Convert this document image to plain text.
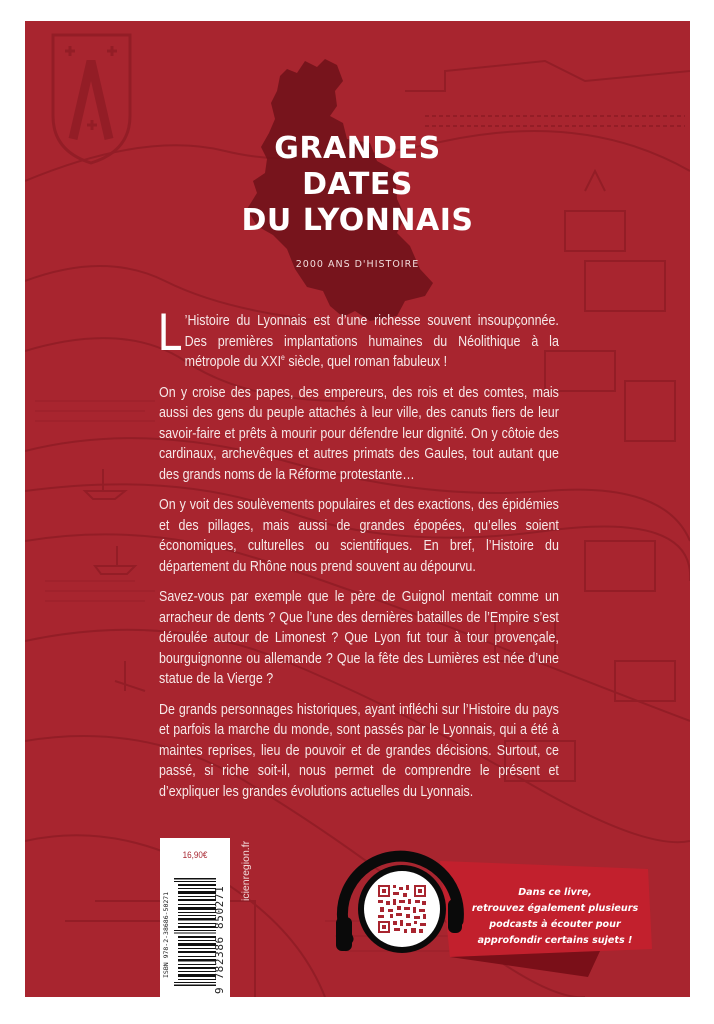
GRANDES
DATES
DU LYONNAIS
2000 ANS D'HISTOIRE

L ’Histoire du Lyonnais est d’une richesse souvent insoupçonnée. Des premières implantations humaines du Néolithique à la métropole du XXIe siècle, quel roman fabuleux !

On y croise des papes, des empereurs, des rois et des comtes, mais aussi des gens du peuple attachés à leur ville, des canuts fiers de leur savoir-faire et prêts à mourir pour défendre leur dignité. On y côtoie des cardinaux, archevêques et autres primats des Gaules, tout autant que des grands noms de la Réforme protestante…

On y voit des soulèvements populaires et des exactions, des épidémies et des pillages, mais aussi de grandes épopées, qu’elles soient économiques, culturelles ou scientifiques. En bref, l’Histoire du département du Rhône nous prend souvent au dépourvu.

Savez-vous par exemple que le père de Guignol mentait comme un arracheur de dents ? Que l’une des dernières batailles de l’Empire s’est déroulée autour de Limonest ? Que Lyon fut tour à tour provençale, bourguignonne ou allemande ? Que la fête des Lumières est née d’une statue de la Vierge ?

De grands personnages historiques, ayant infléchi sur l’Histoire du pays et parfois la marche du monde, sont passés par le Lyonnais, qui a été à maintes reprises, lieu de pouvoir et de grandes décisions. Surtout, ce passé, si riche soit-il, nous permet de comprendre le présent et d’expliquer les grandes évolutions actuelles du Lyonnais.

16,90€
ISBN 978-2-38686-50271	9 782386 850271
icienregion.fr	Dans ce livre,
retrouvez également plusieurs
podcasts à écouter pour
approfondir certains sujets !
